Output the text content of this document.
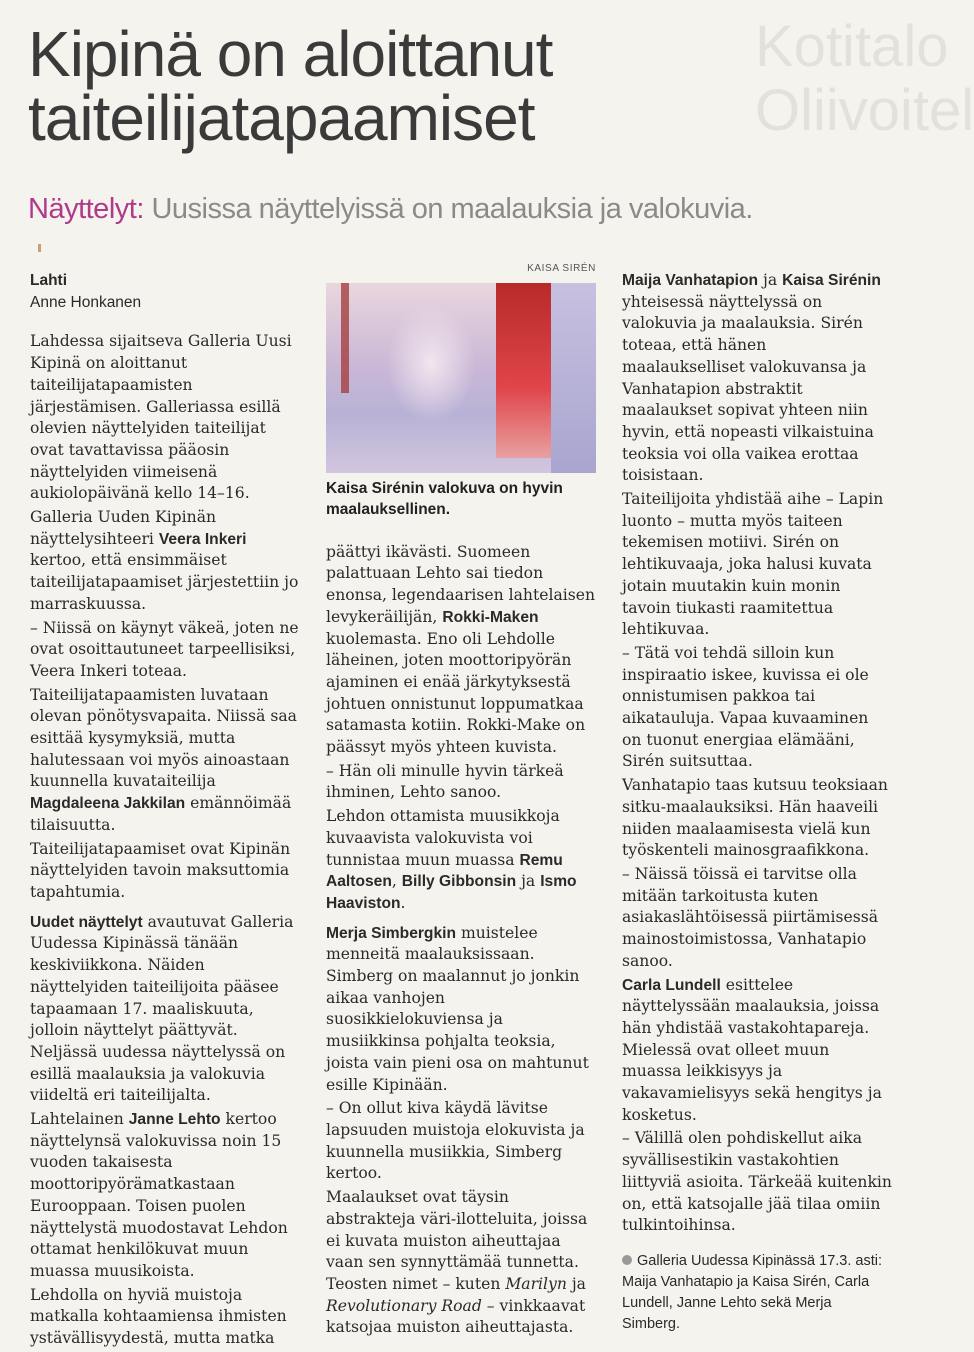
Kotitalo Oliivoitel
Kipinä on aloittanut
taiteilijatapaamiset
Näyttelyt: Uusissa näyttelyissä on maalauksia ja valokuvia.
Lahti
Anne Honkanen

Lahdessa sijaitseva Galleria Uusi Kipinä on aloittanut taiteilijatapaamisten järjestämisen. Galleriassa esillä olevien näyttelyiden taiteilijat ovat tavattavissa pääosin näyttelyiden viimeisenä aukiolopäivänä kello 14–16.

Galleria Uuden Kipinän näyttelysihteeri Veera Inkeri kertoo, että ensimmäiset taiteilijatapaamiset järjestettiin jo marraskuussa.

– Niissä on käynyt väkeä, joten ne ovat osoittautuneet tarpeellisiksi, Veera Inkeri toteaa.

Taiteilijatapaamisten luvataan olevan pönötysvapaita. Niissä saa esittää kysymyksiä, mutta halutessaan voi myös ainoastaan kuunnella kuvataiteilija Magdaleena Jakkilan emännöimää tilaisuutta.

Taiteilijatapaamiset ovat Kipinän näyttelyiden tavoin maksuttomia tapahtumia.

Uudet näyttelyt avautuvat Galleria Uudessa Kipinässä tänään keskiviikkona. Näiden näyttelyiden taiteilijoita pääsee tapaamaan 17. maaliskuuta, jolloin näyttelyt päättyvät. Neljässä uudessa näyttelyssä on esillä maalauksia ja valokuvia viideltä eri taiteilijalta.

Lahtelainen Janne Lehto kertoo näyttelynsä valokuvissa noin 15 vuoden takaisesta moottoripyörämatkastaan Eurooppaan. Toisen puolen näyttelystä muodostavat Lehdon ottamat henkilökuvat muun muassa muusikoista.

Lehdolla on hyviä muistoja matkalla kohtaamiensa ihmisten ystävällisyydestä, mutta matka

KAISA SIRÉN
Kaisa Sirénin valokuva on hyvin maalauksellinen.

päättyi ikävästi. Suomeen palattuaan Lehto sai tiedon enonsa, legendaarisen lahtelaisen levykeräilijän, Rokki-Maken kuolemasta. Eno oli Lehdolle läheinen, joten moottoripyörän ajaminen ei enää järkytyksestä johtuen onnistunut loppumatkaa satamasta kotiin. Rokki-Make on päässyt myös yhteen kuvista.

– Hän oli minulle hyvin tärkeä ihminen, Lehto sanoo.

Lehdon ottamista muusikkoja kuvaavista valokuvista voi tunnistaa muun muassa Remu Aaltosen, Billy Gibbonsin ja Ismo Haaviston.

Merja Simbergkin muistelee menneitä maalauksissaan. Simberg on maalannut jo jonkin aikaa vanhojen suosikkielokuviensa ja musiikkinsa pohjalta teoksia, joista vain pieni osa on mahtunut esille Kipinään.

– On ollut kiva käydä lävitse lapsuuden muistoja elokuvista ja kuunnella musiikkia, Simberg kertoo.

Maalaukset ovat täysin abstrakteja väri-ilotteluita, joissa ei kuvata muiston aiheuttajaa vaan sen synnyttämää tunnetta. Teosten nimet – kuten Marilyn ja Revolutionary Road – vinkkaavat katsojaa muiston aiheuttajasta.

Maija Vanhatapion ja Kaisa Sirénin yhteisessä näyttelyssä on valokuvia ja maalauksia. Sirén toteaa, että hänen maalaukselliset valokuvansa ja Vanhatapion abstraktit maalaukset sopivat yhteen niin hyvin, että nopeasti vilkaistuina teoksia voi olla vaikea erottaa toisistaan.

Taiteilijoita yhdistää aihe – Lapin luonto – mutta myös taiteen tekemisen motiivi. Sirén on lehtikuvaaja, joka halusi kuvata jotain muutakin kuin monin tavoin tiukasti raamitettua lehtikuvaa.

– Tätä voi tehdä silloin kun inspiraatio iskee, kuvissa ei ole onnistumisen pakkoa tai aikatauluja. Vapaa kuvaaminen on tuonut energiaa elämääni, Sirén suitsuttaa.

Vanhatapio taas kutsuu teoksiaan sitku-maalauksiksi. Hän haaveili niiden maalaamisesta vielä kun työskenteli mainosgraafikkona.

– Näissä töissä ei tarvitse olla mitään tarkoitusta kuten asiakaslähtöisessä piirtämisessä mainostoimistossa, Vanhatapio sanoo.

Carla Lundell esittelee näyttelyssään maalauksia, joissa hän yhdistää vastakohtapareja. Mielessä ovat olleet muun muassa leikkisyys ja vakavamielisyys sekä hengitys ja kosketus.

– Välillä olen pohdiskellut aika syvällisestikin vastakohtien liittyviä asioita. Tärkeää kuitenkin on, että katsojalle jää tilaa omiin tulkintoihinsa.

Galleria Uudessa Kipinässä 17.3. asti: Maija Vanhatapio ja Kaisa Sirén, Carla Lundell, Janne Lehto sekä Merja Simberg.
